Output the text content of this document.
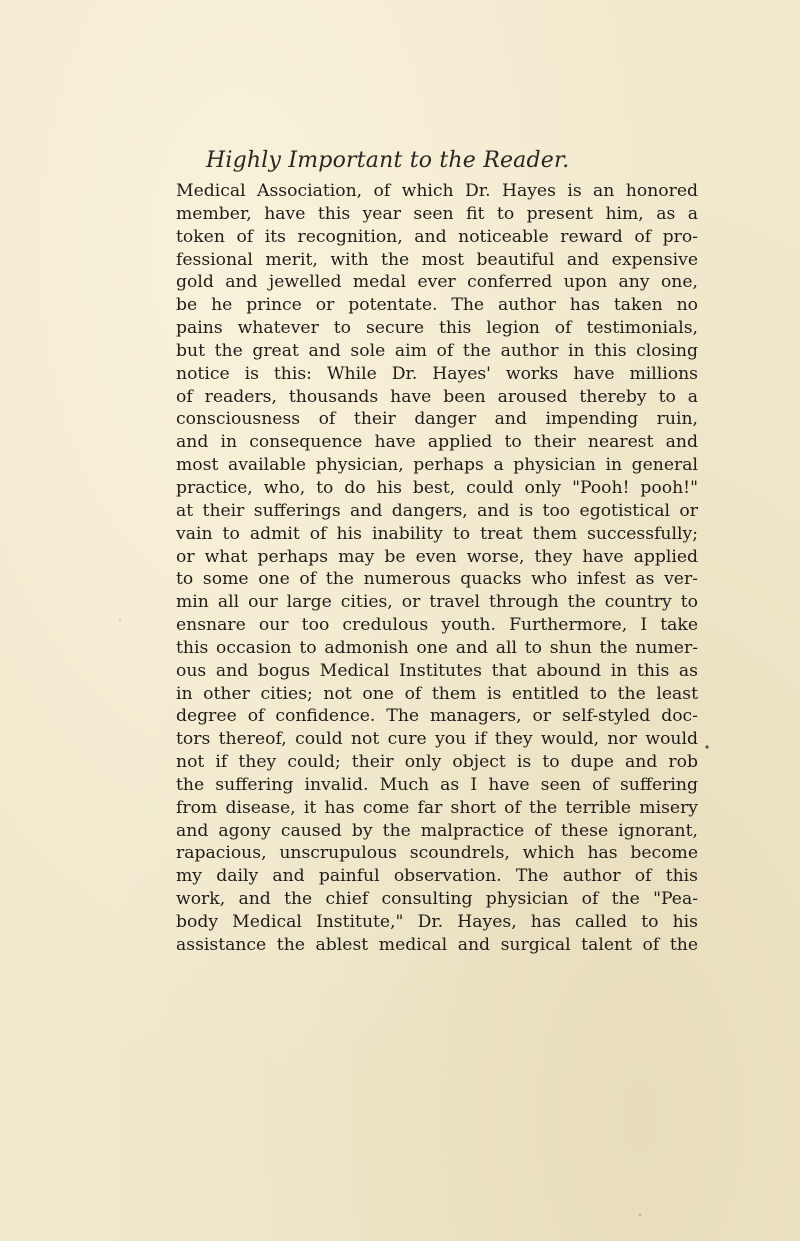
Highly Important to the Reader.
Medical Association, of which Dr. Hayes is an honored
member, have this year seen fit to present him, as a
token of its recognition, and noticeable reward of pro-
fessional merit, with the most beautiful and expensive
gold and jewelled medal ever conferred upon any one,
be he prince or potentate. The author has taken no
pains whatever to secure this legion of testimonials,
but the great and sole aim of the author in this closing
notice is this: While Dr. Hayes' works have millions
of readers, thousands have been aroused thereby to a
consciousness of their danger and impending ruin,
and in consequence have applied to their nearest and
most available physician, perhaps a physician in general
practice, who, to do his best, could only "Pooh! pooh!"
at their sufferings and dangers, and is too egotistical or
vain to admit of his inability to treat them successfully;
or what perhaps may be even worse, they have applied
to some one of the numerous quacks who infest as ver-
min all our large cities, or travel through the country to
ensnare our too credulous youth. Furthermore, I take
this occasion to admonish one and all to shun the numer-
ous and bogus Medical Institutes that abound in this as
in other cities; not one of them is entitled to the least
degree of confidence. The managers, or self-styled doc-
tors thereof, could not cure you if they would, nor would
not if they could; their only object is to dupe and rob
the suffering invalid. Much as I have seen of suffering
from disease, it has come far short of the terrible misery
and agony caused by the malpractice of these ignorant,
rapacious, unscrupulous scoundrels, which has become
my daily and painful observation. The author of this
work, and the chief consulting physician of the "Pea-
body Medical Institute," Dr. Hayes, has called to his
assistance the ablest medical and surgical talent of the
